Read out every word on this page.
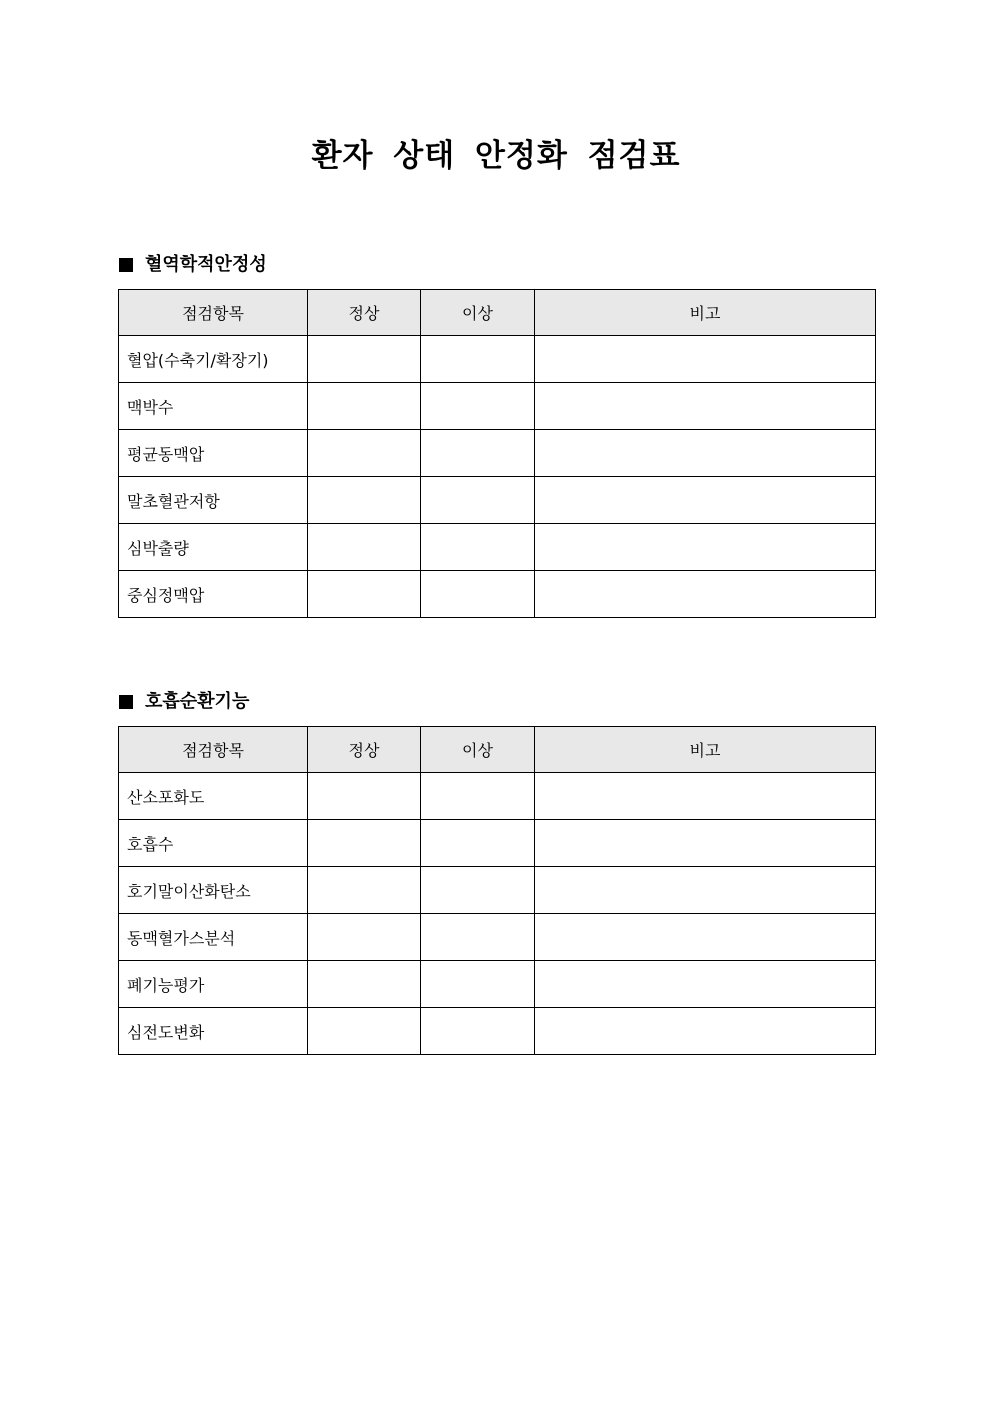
환자 상태 안정화 점검표
혈역학적안정성
점검항목	정상	이상	비고
혈압(수축기/확장기)			
맥박수			
평균동맥압			
말초혈관저항			
심박출량			
중심정맥압			
호흡순환기능
점검항목	정상	이상	비고
산소포화도			
호흡수			
호기말이산화탄소			
동맥혈가스분석			
폐기능평가			
심전도변화			
